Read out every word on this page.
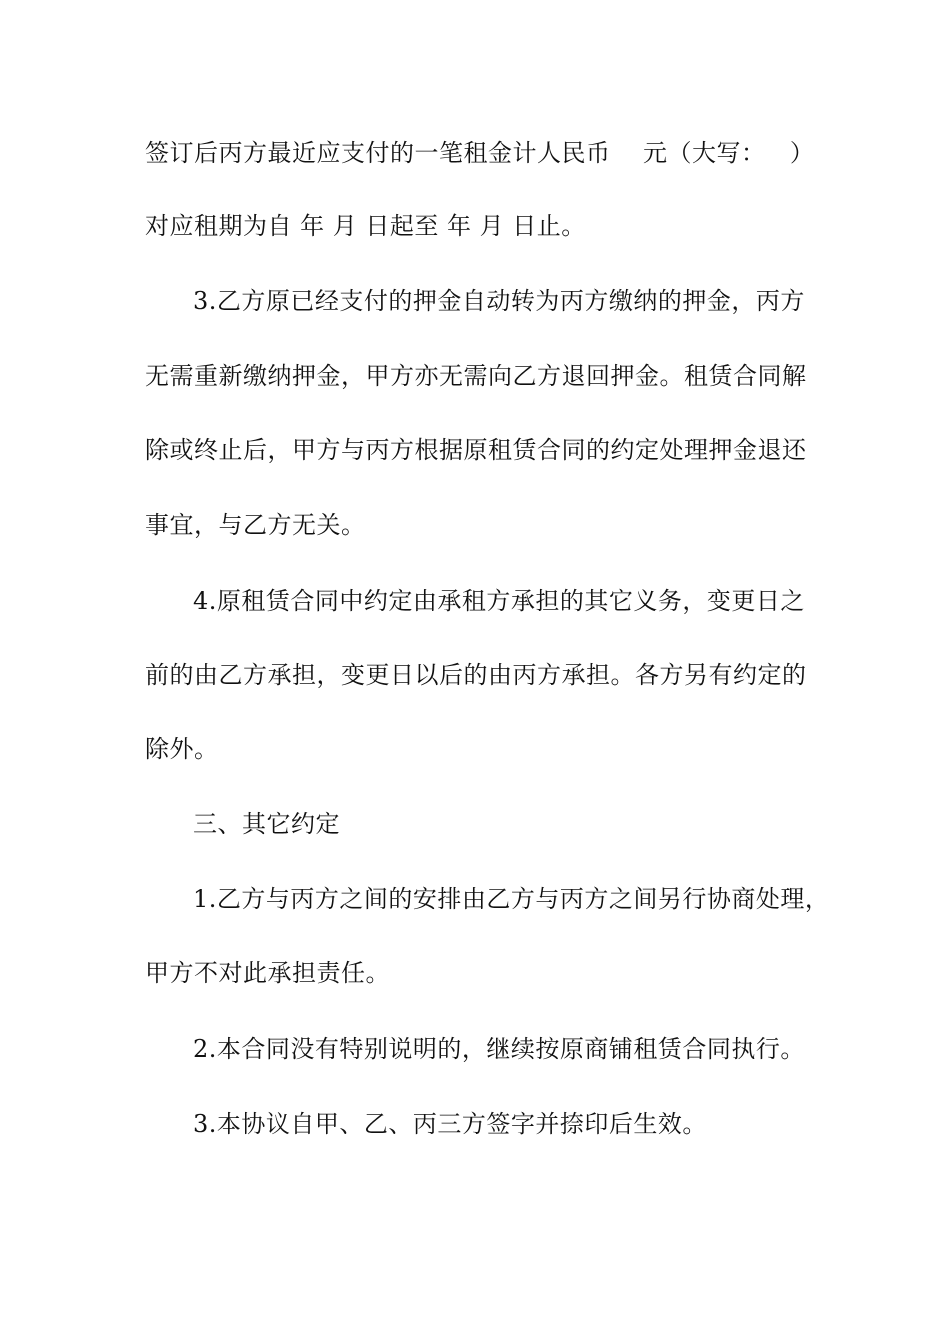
签订后丙方最近应支付的一笔租金计人民币    元（大写：   ）
对应租期为自 年 月 日起至 年 月 日止。
3.乙方原已经支付的押金自动转为丙方缴纳的押金，丙方
无需重新缴纳押金，甲方亦无需向乙方退回押金。租赁合同解
除或终止后，甲方与丙方根据原租赁合同的约定处理押金退还
事宜，与乙方无关。
4.原租赁合同中约定由承租方承担的其它义务，变更日之
前的由乙方承担，变更日以后的由丙方承担。各方另有约定的
除外。
三、其它约定
1.乙方与丙方之间的安排由乙方与丙方之间另行协商处理，
甲方不对此承担责任。
2.本合同没有特别说明的，继续按原商铺租赁合同执行。
3.本协议自甲、乙、丙三方签字并捺印后生效。
